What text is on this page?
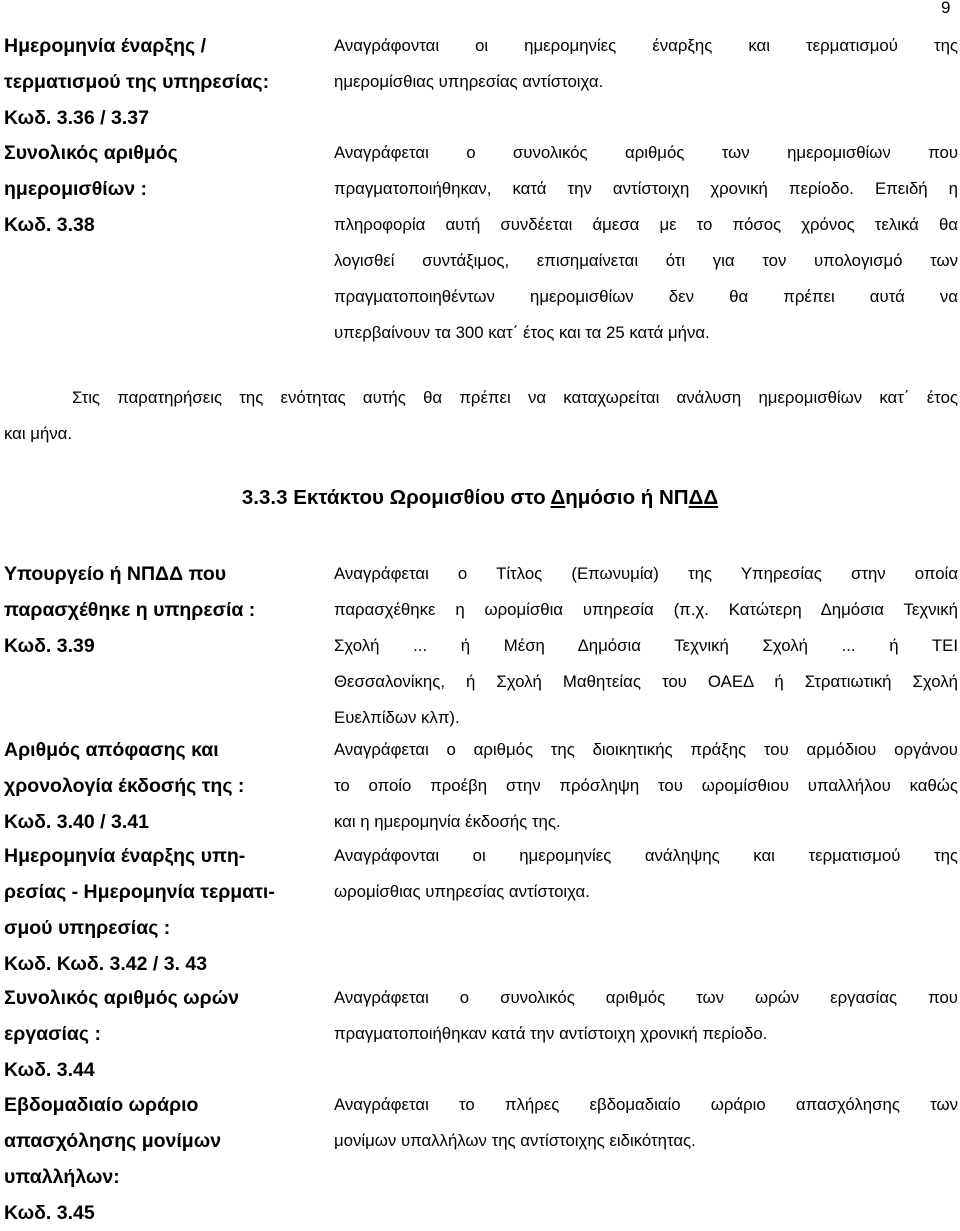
9
Ημερομηνία έναρξης /
τερματισμού της υπηρεσίας:
Κωδ. 3.36 / 3.37
Αναγράφονται οι ημερομηνίες έναρξης και τερματισμού της
ημερομίσθιας υπηρεσίας αντίστοιχα.
Συνολικός αριθμός
ημερομισθίων :
Κωδ. 3.38
Αναγράφεται ο συνολικός αριθμός των ημερομισθίων που
πραγματοποιήθηκαν, κατά την αντίστοιχη χρονική περίοδο. Επειδή η
πληροφορία αυτή συνδέεται άμεσα με το πόσος χρόνος τελικά θα
λογισθεί συντάξιμος, επισημαίνεται ότι για τον υπολογισμό των
πραγματοποιηθέντων ημερομισθίων δεν θα πρέπει αυτά να
υπερβαίνουν τα 300 κατ΄ έτος και τα 25 κατά μήνα.
Στις παρατηρήσεις της ενότητας αυτής θα πρέπει να καταχωρείται ανάλυση ημερομισθίων κατ΄ έτος
και μήνα.
3.3.3 Εκτάκτου Ωρομισθίου στο Δημόσιο ή ΝΠΔΔ
Υπουργείο ή ΝΠΔΔ που
παρασχέθηκε η υπηρεσία :
Κωδ. 3.39
Αναγράφεται ο Τίτλος (Επωνυμία) της Υπηρεσίας στην οποία
παρασχέθηκε η ωρομίσθια υπηρεσία (π.χ. Κατώτερη Δημόσια Τεχνική
Σχολή ... ή Μέση Δημόσια Τεχνική Σχολή ... ή ΤΕΙ
Θεσσαλονίκης, ή Σχολή Μαθητείας του ΟΑΕΔ ή Στρατιωτική Σχολή
Ευελπίδων κλπ).
Αριθμός απόφασης και
χρονολογία έκδοσής της :
Κωδ. 3.40 / 3.41
Αναγράφεται ο αριθμός της διοικητικής πράξης του αρμόδιου οργάνου
το οποίο προέβη στην πρόσληψη του ωρομίσθιου υπαλλήλου καθώς
και η ημερομηνία έκδοσής της.
Ημερομηνία έναρξης υπη-
ρεσίας - Ημερομηνία τερματι-
σμού υπηρεσίας :
Κωδ. Κωδ. 3.42 / 3. 43
Αναγράφονται οι ημερομηνίες ανάληψης και τερματισμού της
ωρομίσθιας υπηρεσίας αντίστοιχα.
Συνολικός αριθμός ωρών
εργασίας :
Κωδ. 3.44
Αναγράφεται ο συνολικός αριθμός των ωρών εργασίας που
πραγματοποιήθηκαν κατά την αντίστοιχη χρονική περίοδο.
Εβδομαδιαίο ωράριο
απασχόλησης μονίμων
υπαλλήλων:
Κωδ. 3.45
Αναγράφεται το πλήρες εβδομαδιαίο ωράριο απασχόλησης των
μονίμων υπαλλήλων της αντίστοιχης ειδικότητας.
